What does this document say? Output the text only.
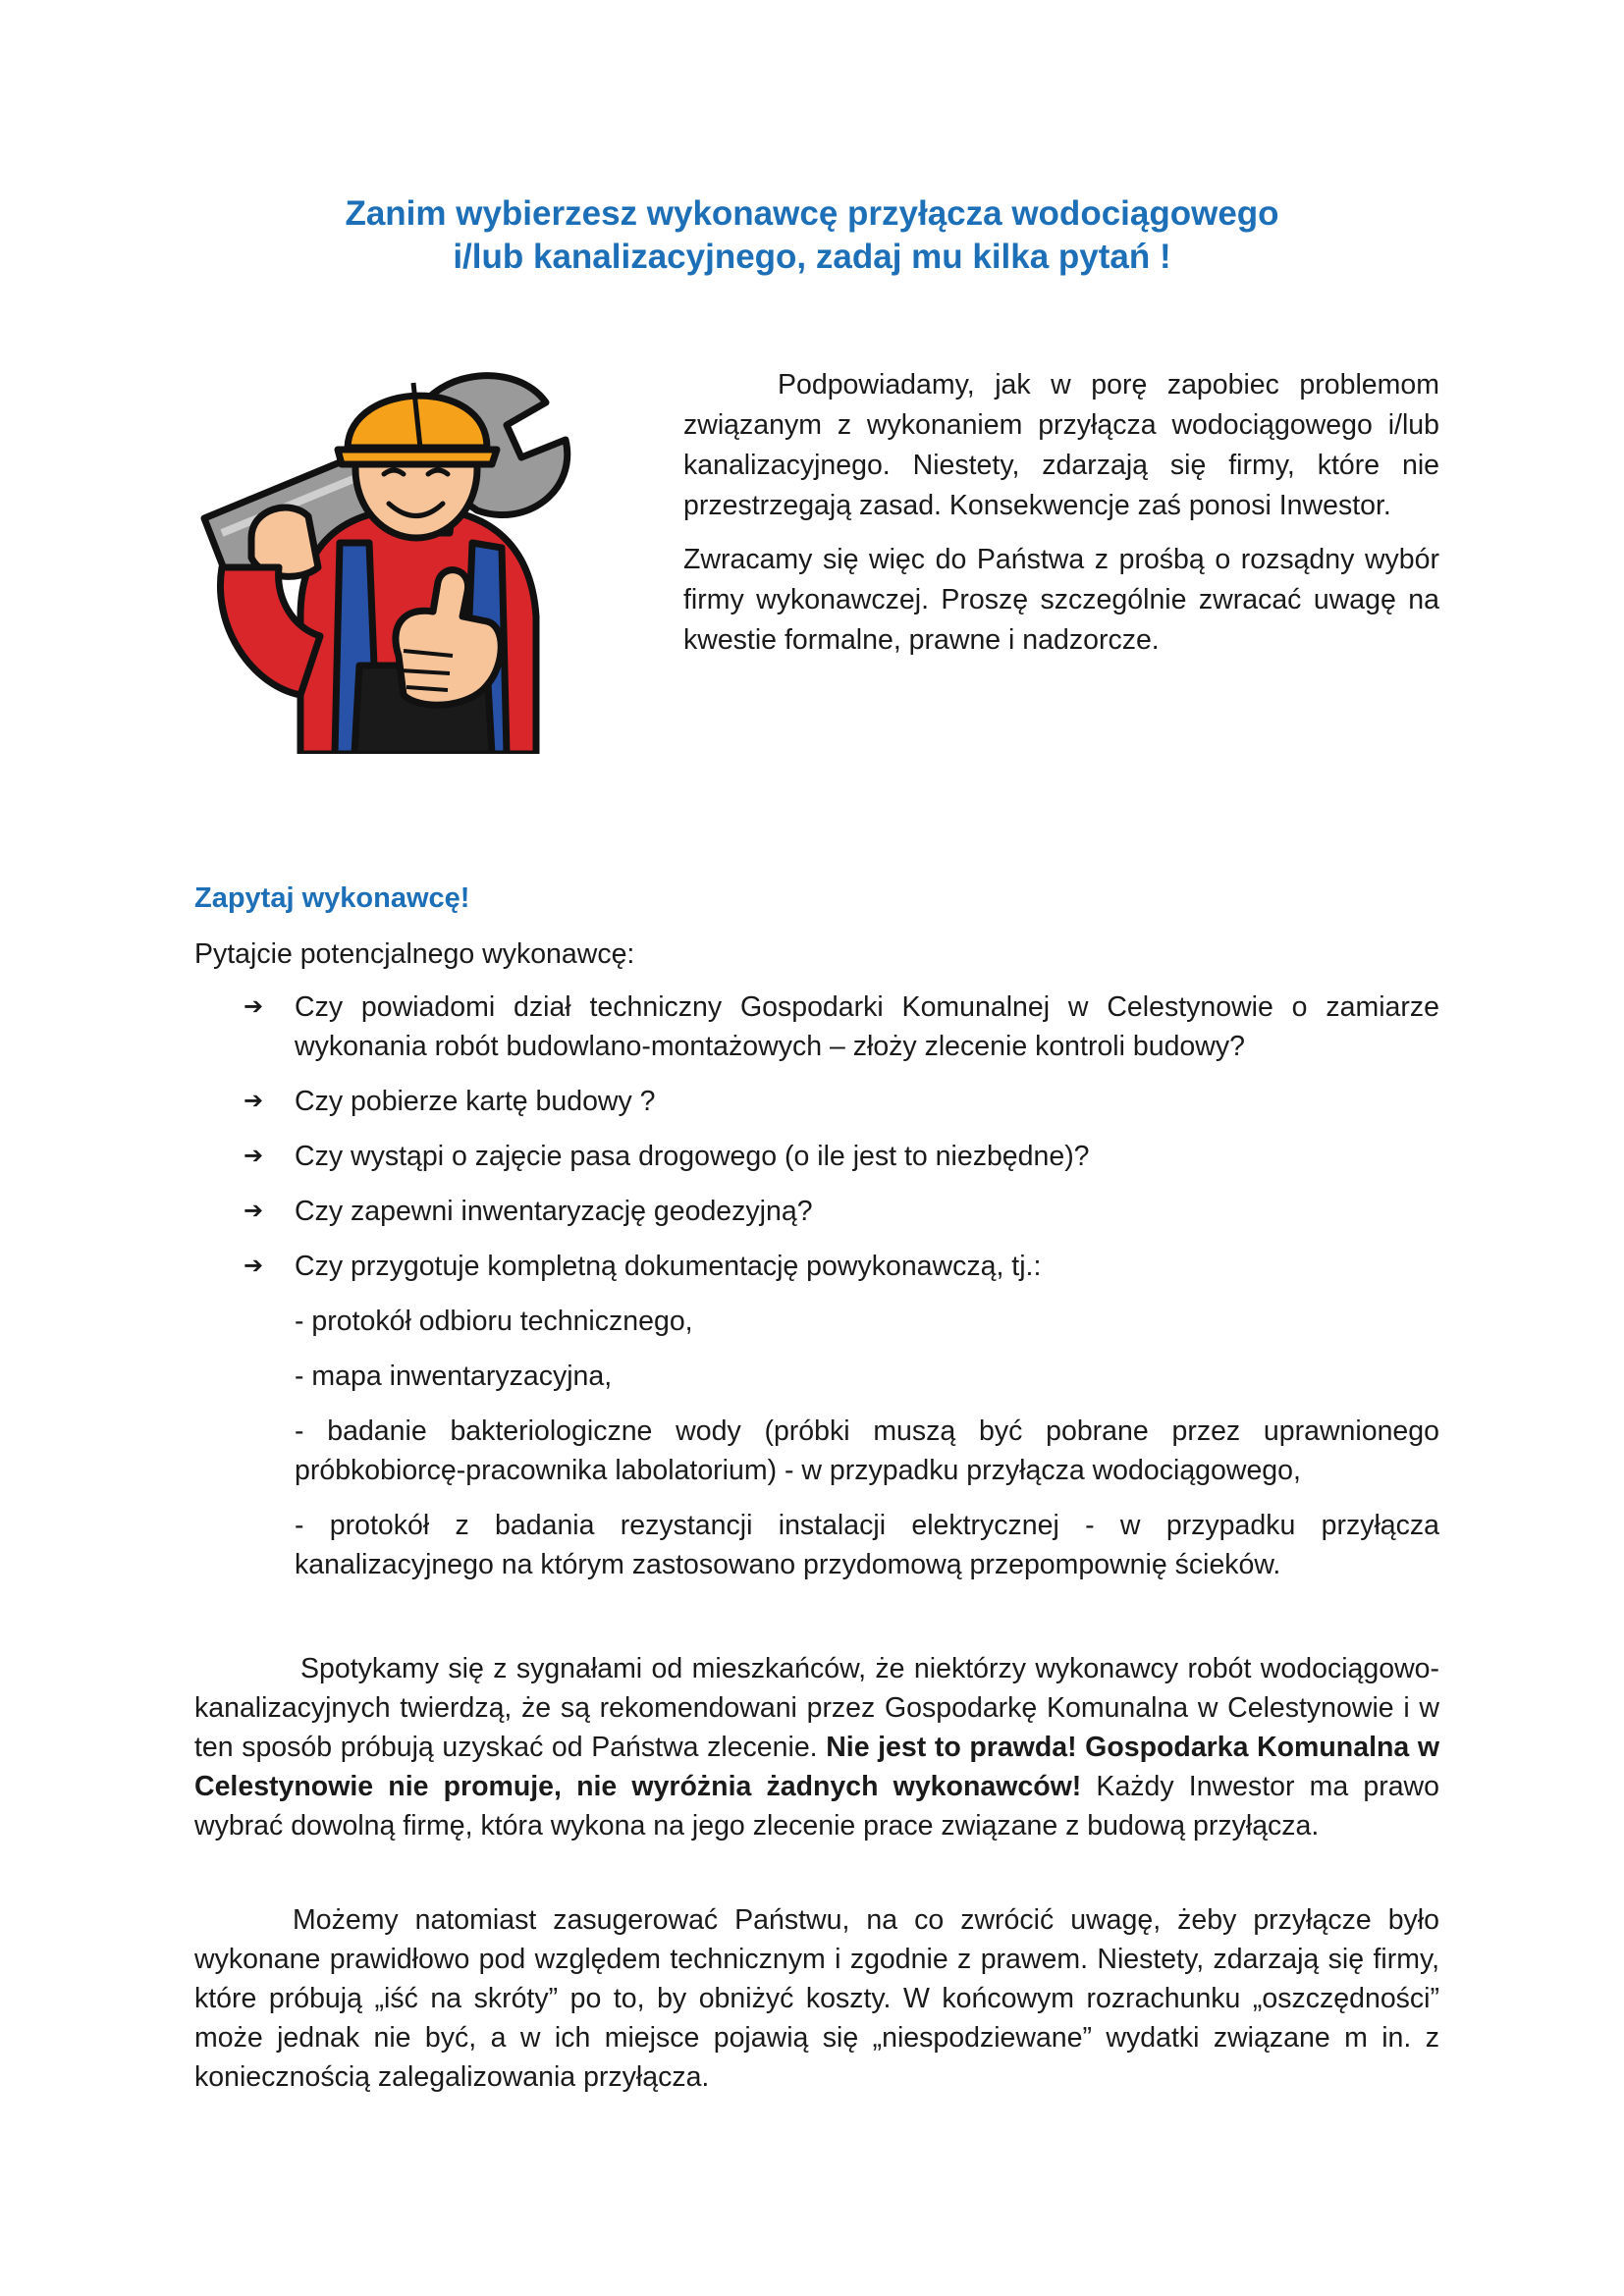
Zanim wybierzesz wykonawcę przyłącza wodociągowego
i/lub kanalizacyjnego, zadaj mu kilka pytań !

Podpowiadamy, jak w porę zapobiec problemom związanym z wykonaniem przyłącza wodociągowego i/lub kanalizacyjnego. Niestety, zdarzają się firmy, które nie przestrzegają zasad. Konsekwencje zaś ponosi Inwestor.

Zwracamy się więc do Państwa z prośbą o rozsądny wybór firmy wykonawczej. Proszę szczególnie zwracać uwagę na kwestie formalne, prawne i nadzorcze.

Zapytaj wykonawcę!
Pytajcie potencjalnego wykonawcę:
➔ Czy powiadomi dział techniczny Gospodarki Komunalnej w Celestynowie o zamiarze wykonania robót budowlano-montażowych – złoży zlecenie kontroli budowy?
➔ Czy pobierze kartę budowy ?
➔ Czy wystąpi o zajęcie pasa drogowego (o ile jest to niezbędne)?
➔ Czy zapewni inwentaryzację geodezyjną?
➔ Czy przygotuje kompletną dokumentację powykonawczą, tj.:
- protokół odbioru technicznego,
- mapa inwentaryzacyjna,
- badanie bakteriologiczne wody (próbki muszą być pobrane przez uprawnionego próbkobiorcę-pracownika labolatorium) - w przypadku przyłącza wodociągowego,
- protokół z badania rezystancji instalacji elektrycznej - w przypadku przyłącza kanalizacyjnego na którym zastosowano przydomową przepompownię ścieków.

Spotykamy się z sygnałami od mieszkańców, że niektórzy wykonawcy robót wodociągowo-kanalizacyjnych twierdzą, że są rekomendowani przez Gospodarkę Komunalna w Celestynowie i w ten sposób próbują uzyskać od Państwa zlecenie. Nie jest to prawda! Gospodarka Komunalna w Celestynowie nie promuje, nie wyróżnia żadnych wykonawców! Każdy Inwestor ma prawo wybrać dowolną firmę, która wykona na jego zlecenie prace związane z budową przyłącza.

Możemy natomiast zasugerować Państwu, na co zwrócić uwagę, żeby przyłącze było wykonane prawidłowo pod względem technicznym i zgodnie z prawem. Niestety, zdarzają się firmy, które próbują „iść na skróty” po to, by obniżyć koszty. W końcowym rozrachunku „oszczędności” może jednak nie być, a w ich miejsce pojawią się „niespodziewane” wydatki związane m in. z koniecznością zalegalizowania przyłącza.
